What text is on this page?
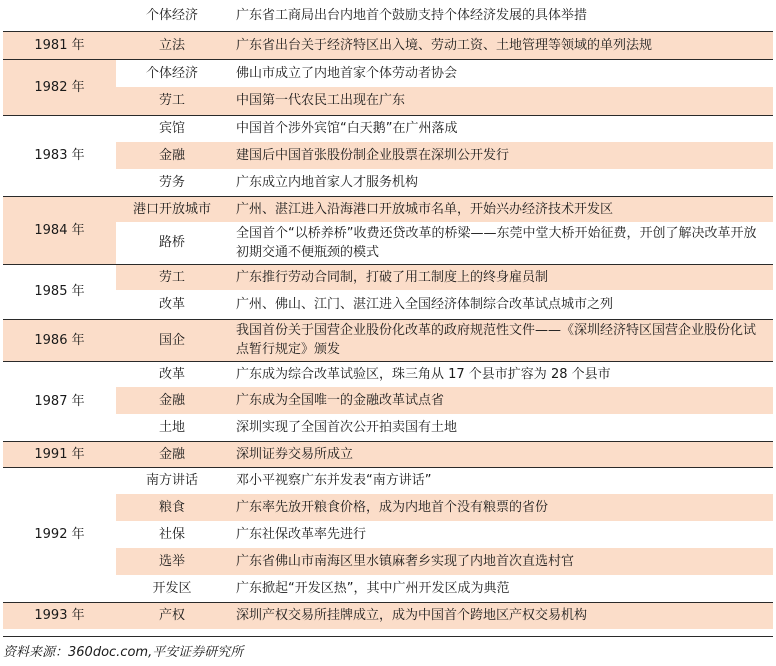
	个体经济	广东省工商局出台内地首个鼓励支持个体经济发展的具体举措
1981 年	立法	广东省出台关于经济特区出入境、劳动工资、土地管理等领域的单列法规
1982 年	个体经济	佛山市成立了内地首家个体劳动者协会
	劳工	中国第一代农民工出现在广东
1983 年	宾馆	中国首个涉外宾馆“白天鹅”在广州落成
	金融	建国后中国首张股份制企业股票在深圳公开发行
	劳务	广东成立内地首家人才服务机构
1984 年	港口开放城市	广州、湛江进入沿海港口开放城市名单，开始兴办经济技术开发区
	路桥	全国首个“以桥养桥”收费还贷改革的桥梁——东莞中堂大桥开始征费，开创了解决改革开放初期交通不便瓶颈的模式
1985 年	劳工	广东推行劳动合同制，打破了用工制度上的终身雇员制
	改革	广州、佛山、江门、湛江进入全国经济体制综合改革试点城市之列
1986 年	国企	我国首份关于国营企业股份化改革的政府规范性文件——《深圳经济特区国营企业股份化试点暂行规定》颁发
1987 年	改革	广东成为综合改革试验区，珠三角从 17 个县市扩容为 28 个县市
	金融	广东成为全国唯一的金融改革试点省
	土地	深圳实现了全国首次公开拍卖国有土地
1991 年	金融	深圳证券交易所成立
1992 年	南方讲话	邓小平视察广东并发表“南方讲话”
	粮食	广东率先放开粮食价格，成为内地首个没有粮票的省份
	社保	广东社保改革率先进行
	选举	广东省佛山市南海区里水镇麻奢乡实现了内地首次直选村官
	开发区	广东掀起“开发区热”，其中广州开发区成为典范
1993 年	产权	深圳产权交易所挂牌成立，成为中国首个跨地区产权交易机构
资料来源：360doc.com,平安证券研究所
